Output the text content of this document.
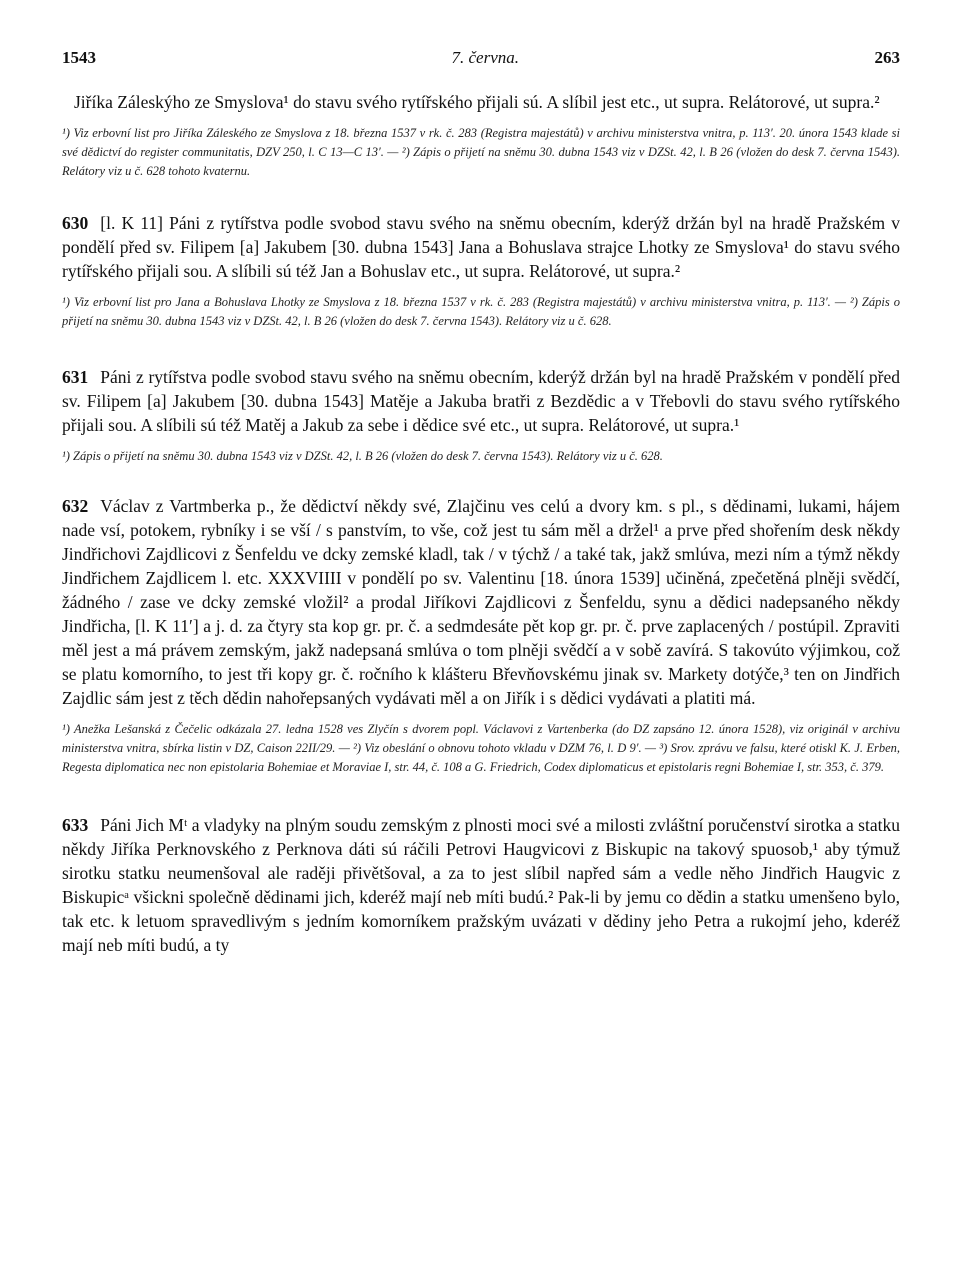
1543	7. června.	263

Jiříka Záleskýho ze Smyslova¹ do stavu svého rytířského přijali sú. A slíbil jest etc., ut supra. Relátorové, ut supra.²

¹) Viz erbovní list pro Jiříka Záleského ze Smyslova z 18. března 1537 v rk. č. 283 (Registra majestátů) v archivu ministerstva vnitra, p. 113′. 20. února 1543 klade si své dědictví do register communitatis, DZV 250, l. C 13—C 13′. — ²) Zápis o přijetí na sněmu 30. dubna 1543 viz v DZSt. 42, l. B 26 (vložen do desk 7. června 1543). Relátory viz u č. 628 tohoto kvaternu.

630 [l. K 11] Páni z rytířstva podle svobod stavu svého na sněmu obecním, kderýž držán byl na hradě Pražském v pondělí před sv. Filipem [a] Jakubem [30. dubna 1543] Jana a Bohuslava strajce Lhotky ze Smyslova¹ do stavu svého rytířského přijali sou. A slíbili sú též Jan a Bohuslav etc., ut supra. Relátorové, ut supra.²

¹) Viz erbovní list pro Jana a Bohuslava Lhotky ze Smyslova z 18. března 1537 v rk. č. 283 (Registra majestátů) v archivu ministerstva vnitra, p. 113′. — ²) Zápis o přijetí na sněmu 30. dubna 1543 viz v DZSt. 42, l. B 26 (vložen do desk 7. června 1543). Relátory viz u č. 628.

631 Páni z rytířstva podle svobod stavu svého na sněmu obecním, kderýž držán byl na hradě Pražském v pondělí před sv. Filipem [a] Jakubem [30. dubna 1543] Matěje a Jakuba bratři z Bezdědic a v Třebovli do stavu svého rytířského přijali sou. A slíbili sú též Matěj a Jakub za sebe i dědice své etc., ut supra. Relátorové, ut supra.¹

¹) Zápis o přijetí na sněmu 30. dubna 1543 viz v DZSt. 42, l. B 26 (vložen do desk 7. června 1543). Relátory viz u č. 628.

632 Václav z Vartmberka p., že dědictví někdy své, Zlajčinu ves celú a dvory km. s pl., s dědinami, lukami, hájem nade vsí, potokem, rybníky i se vší / s panstvím, to vše, což jest tu sám měl a držel¹ a prve před shořením desk někdy Jindřichovi Zajdlicovi z Šenfeldu ve dcky zemské kladl, tak / v týchž / a také tak, jakž smlúva, mezi ním a týmž někdy Jindřichem Zajdlicem l. etc. XXXVIIII v pondělí po sv. Valentinu [18. února 1539] učiněná, zpečetěná plněji svědčí, žádného / zase ve dcky zemské vložil² a prodal Jiříkovi Zajdlicovi z Šenfeldu, synu a dědici nadepsaného někdy Jindřicha, [l. K 11′] a j. d. za čtyry sta kop gr. pr. č. a sedmdesáte pět kop gr. pr. č. prve zaplacených / postúpil. Zpraviti měl jest a má právem zemským, jakž nadepsaná smlúva o tom plněji svědčí a v sobě zavírá. S takovúto výjimkou, což se platu komorního, to jest tři kopy gr. č. ročního k klášteru Břevňovskému jinak sv. Markety dotýče,³ ten on Jindřich Zajdlic sám jest z těch dědin nahořepsaných vydávati měl a on Jiřík i s dědici vydávati a platiti má.

¹) Anežka Lešanská z Čečelic odkázala 27. ledna 1528 ves Zlyčín s dvorem popl. Václavovi z Vartenberka (do DZ zapsáno 12. února 1528), viz originál v archivu ministerstva vnitra, sbírka listin v DZ, Caison 22II/29. — ²) Viz obeslání o obnovu tohoto vkladu v DZM 76, l. D 9′. — ³) Srov. zprávu ve falsu, které otiskl K. J. Erben, Regesta diplomatica nec non epistolaria Bohemiae et Moraviae I, str. 44, č. 108 a G. Friedrich, Codex diplomaticus et epistolaris regni Bohemiae I, str. 353, č. 379.

633 Páni Jich Mᵗ a vladyky na plným soudu zemským z plnosti moci své a milosti zvláštní poručenství sirotka a statku někdy Jiříka Perknovského z Perknova dáti sú ráčili Petrovi Haugvicovi z Biskupic na takový spuosob,¹ aby týmuž sirotku statku neumenšoval ale raději přivětšoval, a za to jest slíbil napřed sám a vedle něho Jindřich Haugvic z Biskupicᵃ všickni společně dědinami jich, kderéž mají neb míti budú.² Pak-li by jemu co dědin a statku umenšeno bylo, tak etc. k letuom spravedlivým s jedním komorníkem pražským uvázati v dědiny jeho Petra a rukojmí jeho, kderéž mají neb míti budú, a ty
